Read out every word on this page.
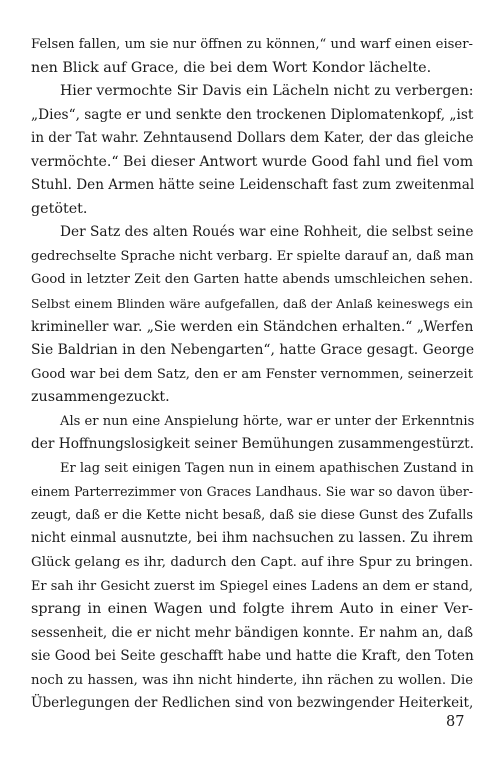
Felsen fallen, um sie nur öffnen zu können,“ und warf einen eiser-
nen Blick auf Grace, die bei dem Wort Kondor lächelte.
Hier vermochte Sir Davis ein Lächeln nicht zu verbergen:
„Dies“, sagte er und senkte den trockenen Diplomatenkopf, „ist
in der Tat wahr. Zehntausend Dollars dem Kater, der das gleiche
vermöchte.“ Bei dieser Antwort wurde Good fahl und fiel vom
Stuhl. Den Armen hätte seine Leidenschaft fast zum zweitenmal
getötet.
Der Satz des alten Roués war eine Rohheit, die selbst seine
gedrechselte Sprache nicht verbarg. Er spielte darauf an, daß man
Good in letzter Zeit den Garten hatte abends umschleichen sehen.
Selbst einem Blinden wäre aufgefallen, daß der Anlaß keineswegs ein
krimineller war. „Sie werden ein Ständchen erhalten.“ „Werfen
Sie Baldrian in den Nebengarten“, hatte Grace gesagt. George
Good war bei dem Satz, den er am Fenster vernommen, seinerzeit
zusammengezuckt.
Als er nun eine Anspielung hörte, war er unter der Erkenntnis
der Hoffnungslosigkeit seiner Bemühungen zusammengestürzt.
Er lag seit einigen Tagen nun in einem apathischen Zustand in
einem Parterrezimmer von Graces Landhaus. Sie war so davon über-
zeugt, daß er die Kette nicht besaß, daß sie diese Gunst des Zufalls
nicht einmal ausnutzte, bei ihm nachsuchen zu lassen. Zu ihrem
Glück gelang es ihr, dadurch den Capt. auf ihre Spur zu bringen.
Er sah ihr Gesicht zuerst im Spiegel eines Ladens an dem er stand,
sprang in einen Wagen und folgte ihrem Auto in einer Ver-
sessenheit, die er nicht mehr bändigen konnte. Er nahm an, daß
sie Good bei Seite geschafft habe und hatte die Kraft, den Toten
noch zu hassen, was ihn nicht hinderte, ihn rächen zu wollen. Die
Überlegungen der Redlichen sind von bezwingender Heiterkeit,
87
